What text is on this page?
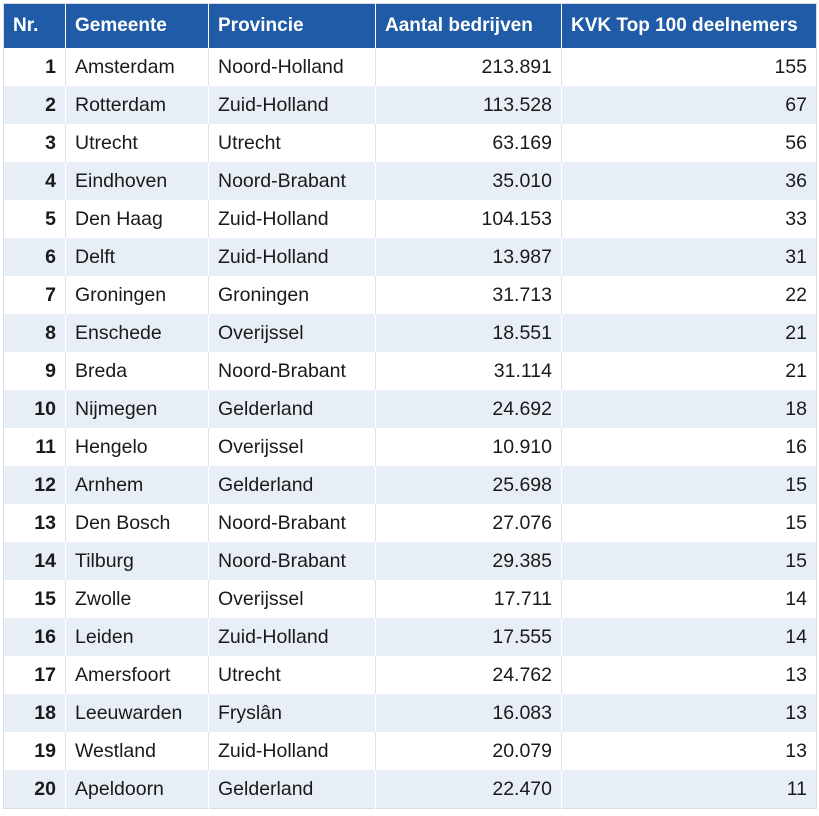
Nr.	Gemeente	Provincie	Aantal bedrijven	KVK Top 100 deelnemers
1	Amsterdam	Noord-Holland	213.891	155
2	Rotterdam	Zuid-Holland	113.528	67
3	Utrecht	Utrecht	63.169	56
4	Eindhoven	Noord-Brabant	35.010	36
5	Den Haag	Zuid-Holland	104.153	33
6	Delft	Zuid-Holland	13.987	31
7	Groningen	Groningen	31.713	22
8	Enschede	Overijssel	18.551	21
9	Breda	Noord-Brabant	31.114	21
10	Nijmegen	Gelderland	24.692	18
11	Hengelo	Overijssel	10.910	16
12	Arnhem	Gelderland	25.698	15
13	Den Bosch	Noord-Brabant	27.076	15
14	Tilburg	Noord-Brabant	29.385	15
15	Zwolle	Overijssel	17.711	14
16	Leiden	Zuid-Holland	17.555	14
17	Amersfoort	Utrecht	24.762	13
18	Leeuwarden	Fryslân	16.083	13
19	Westland	Zuid-Holland	20.079	13
20	Apeldoorn	Gelderland	22.470	11
